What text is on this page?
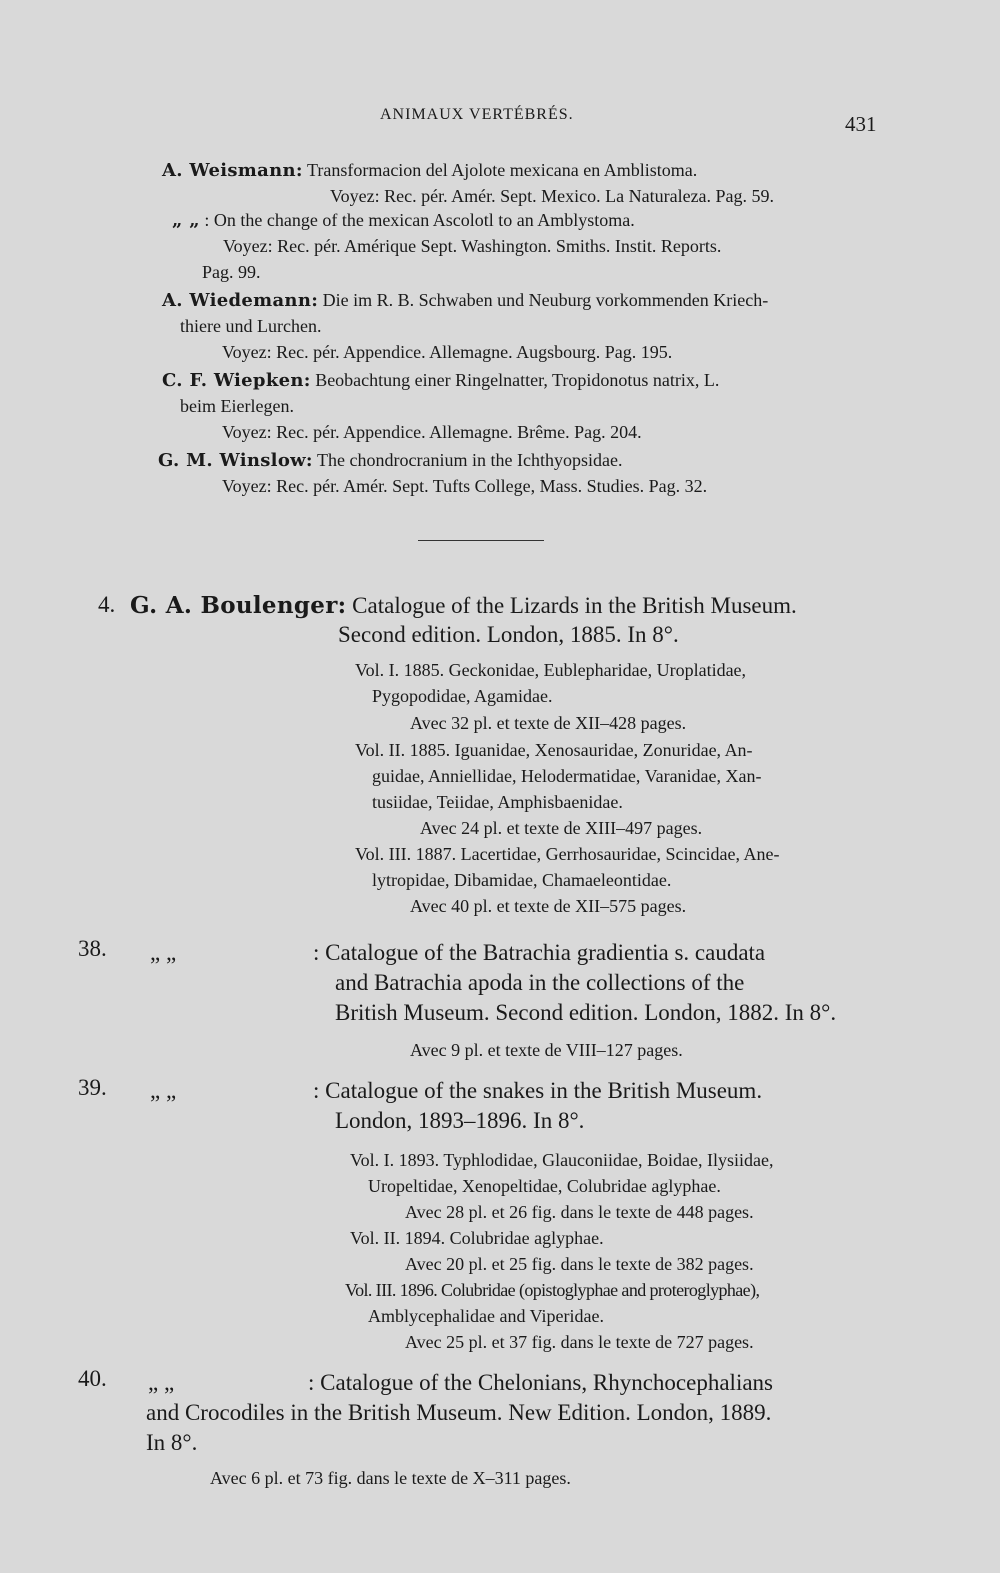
ANIMAUX VERTÉBRÉS.	431
A. Weismann: Transformacion del Ajolote mexicana en Amblistoma.
Voyez: Rec. pér. Amér. Sept. Mexico. La Naturaleza. Pag. 59.
„ „ : On the change of the mexican Ascolotl to an Amblystoma.
Voyez: Rec. pér. Amérique Sept. Washington. Smiths. Instit. Reports.
Pag. 99.
A. Wiedemann: Die im R. B. Schwaben und Neuburg vorkommenden Kriech-
thiere und Lurchen.
Voyez: Rec. pér. Appendice. Allemagne. Augsbourg. Pag. 195.
C. F. Wiepken: Beobachtung einer Ringelnatter, Tropidonotus natrix, L.
beim Eierlegen.
Voyez: Rec. pér. Appendice. Allemagne. Brême. Pag. 204.
G. M. Winslow: The chondrocranium in the Ichthyopsidae.
Voyez: Rec. pér. Amér. Sept. Tufts College, Mass. Studies. Pag. 32.
4. G. A. Boulenger: Catalogue of the Lizards in the British Museum.
Second edition. London, 1885. In 8°.
Vol. I. 1885. Geckonidae, Eublepharidae, Uroplatidae,
Pygopodidae, Agamidae.
Avec 32 pl. et texte de XII–428 pages.
Vol. II. 1885. Iguanidae, Xenosauridae, Zonuridae, An-
guidae, Anniellidae, Helodermatidae, Varanidae, Xan-
tusiidae, Teiidae, Amphisbaenidae.
Avec 24 pl. et texte de XIII–497 pages.
Vol. III. 1887. Lacertidae, Gerrhosauridae, Scincidae, Ane-
lytropidae, Dibamidae, Chamaeleontidae.
Avec 40 pl. et texte de XII–575 pages.
38. „ „	: Catalogue of the Batrachia gradientia s. caudata
and Batrachia apoda in the collections of the
British Museum. Second edition. London, 1882. In 8°.
Avec 9 pl. et texte de VIII–127 pages.
39. „ „	: Catalogue of the snakes in the British Museum.
London, 1893–1896. In 8°.
Vol. I. 1893. Typhlodidae, Glauconiidae, Boidae, Ilysiidae,
Uropeltidae, Xenopeltidae, Colubridae aglyphae.
Avec 28 pl. et 26 fig. dans le texte de 448 pages.
Vol. II. 1894. Colubridae aglyphae.
Avec 20 pl. et 25 fig. dans le texte de 382 pages.
Vol. III. 1896. Colubridae (opistoglyphae and proteroglyphae),
Amblycephalidae and Viperidae.
Avec 25 pl. et 37 fig. dans le texte de 727 pages.
40. „ „	: Catalogue of the Chelonians, Rhynchocephalians
and Crocodiles in the British Museum. New Edition. London, 1889.
In 8°.
Avec 6 pl. et 73 fig. dans le texte de X–311 pages.
